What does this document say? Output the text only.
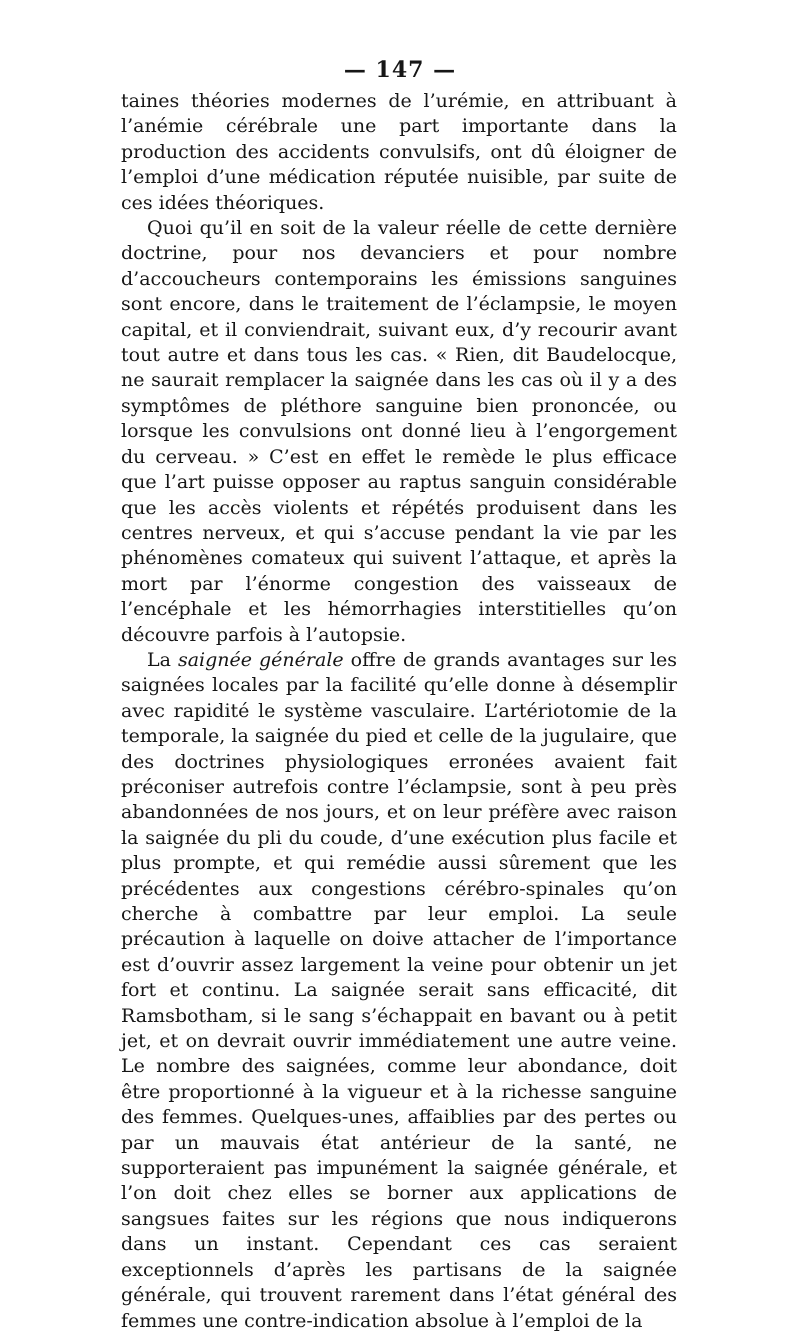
— 147 —

taines théories modernes de l’urémie, en attribuant à l’anémie cérébrale une part importante dans la production des accidents convulsifs, ont dû éloigner de l’emploi d’une médication réputée nuisible, par suite de ces idées théoriques.

Quoi qu’il en soit de la valeur réelle de cette dernière doctrine, pour nos devanciers et pour nombre d’accoucheurs contemporains les émissions sanguines sont encore, dans le traitement de l’éclampsie, le moyen capital, et il conviendrait, suivant eux, d’y recourir avant tout autre et dans tous les cas. « Rien, dit Baudelocque, ne saurait remplacer la saignée dans les cas où il y a des symptômes de pléthore sanguine bien prononcée, ou lorsque les convulsions ont donné lieu à l’engorgement du cerveau. » C’est en effet le remède le plus efficace que l’art puisse opposer au raptus sanguin considérable que les accès violents et répétés produisent dans les centres nerveux, et qui s’accuse pendant la vie par les phénomènes comateux qui suivent l’attaque, et après la mort par l’énorme congestion des vaisseaux de l’encéphale et les hémorrhagies interstitielles qu’on découvre parfois à l’autopsie.

La saignée générale offre de grands avantages sur les saignées locales par la facilité qu’elle donne à désemplir avec rapidité le système vasculaire. L’artériotomie de la temporale, la saignée du pied et celle de la jugulaire, que des doctrines physiologiques erronées avaient fait préconiser autrefois contre l’éclampsie, sont à peu près abandonnées de nos jours, et on leur préfère avec raison la saignée du pli du coude, d’une exécution plus facile et plus prompte, et qui remédie aussi sûrement que les précédentes aux congestions cérébro-spinales qu’on cherche à combattre par leur emploi. La seule précaution à laquelle on doive attacher de l’importance est d’ouvrir assez largement la veine pour obtenir un jet fort et continu. La saignée serait sans efficacité, dit Ramsbotham, si le sang s’échappait en bavant ou à petit jet, et on devrait ouvrir immédiatement une autre veine. Le nombre des saignées, comme leur abondance, doit être proportionné à la vigueur et à la richesse sanguine des femmes. Quelques-unes, affaiblies par des pertes ou par un mauvais état antérieur de la santé, ne supporteraient pas impunément la saignée générale, et l’on doit chez elles se borner aux applications de sangsues faites sur les régions que nous indiquerons dans un instant. Cependant ces cas seraient exceptionnels d’après les partisans de la saignée générale, qui trouvent rarement dans l’état général des femmes une contre-indication absolue à l’emploi de la
